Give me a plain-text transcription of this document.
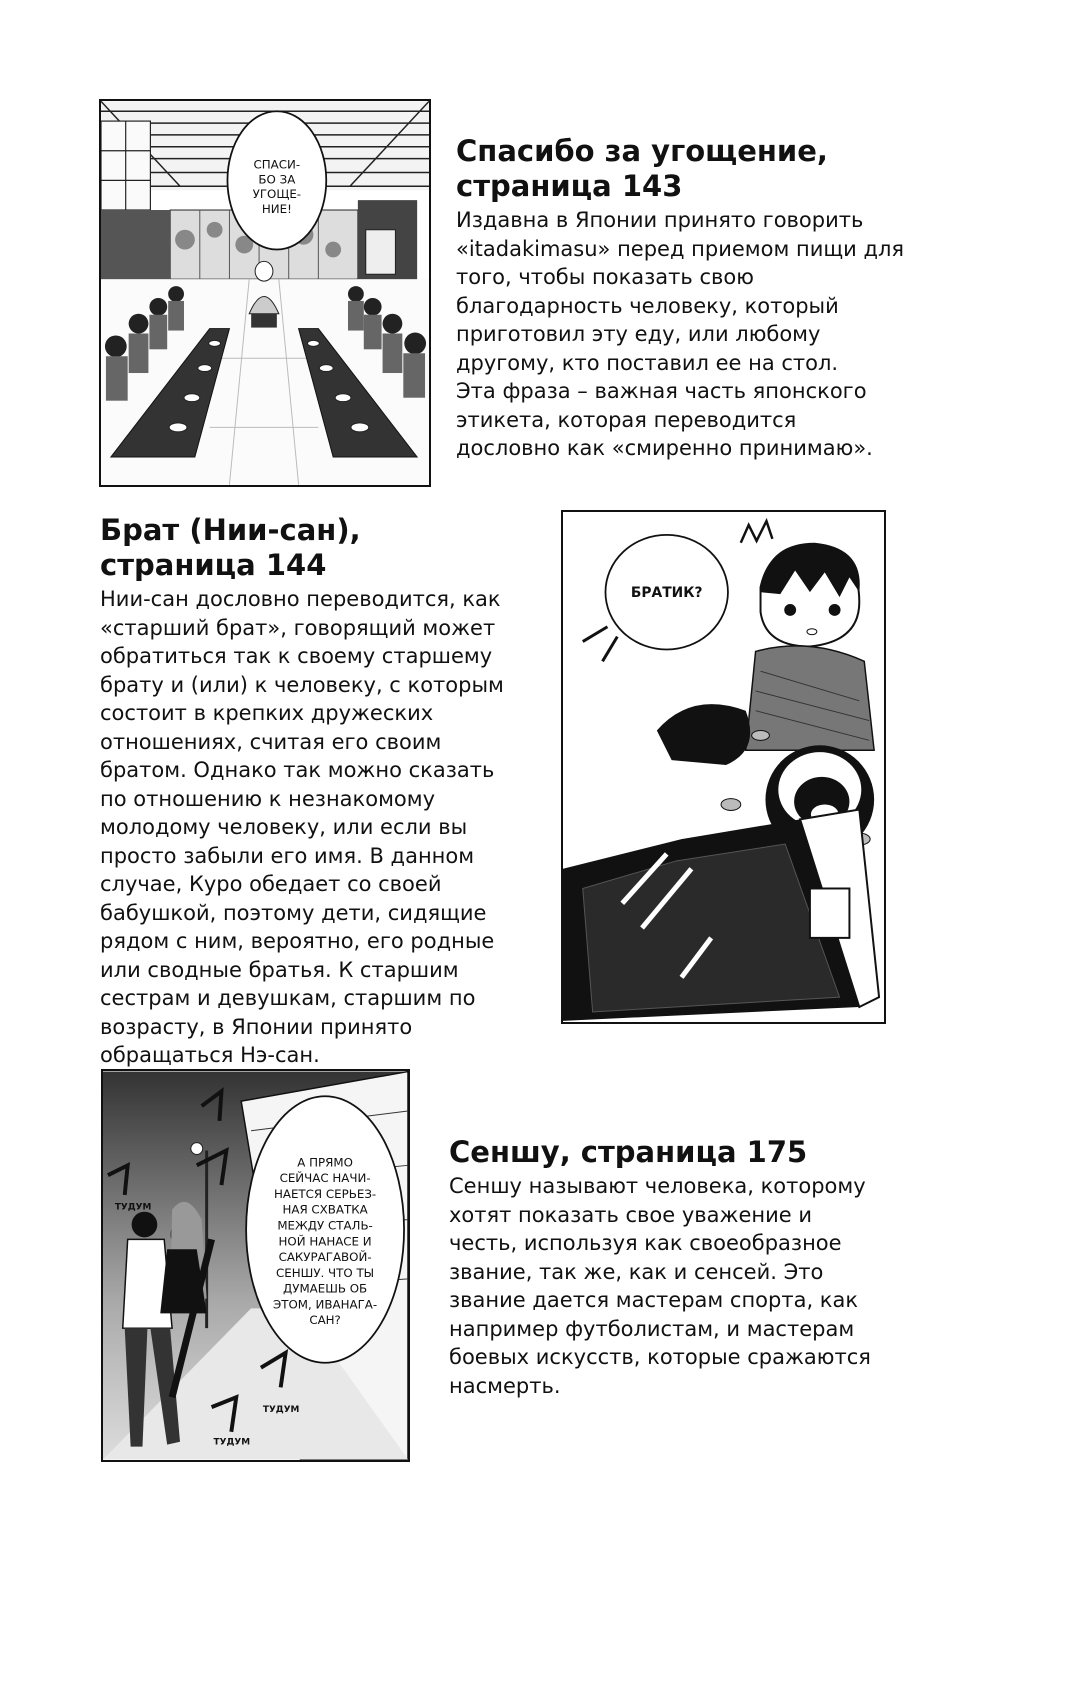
СПАСИ-
БО ЗА
УГОЩЕ-
НИЕ!
Спасибо за угощение,
страница 143

Издавна в Японии принято говорить
«itadakimasu» перед приемом пищи для
того, чтобы показать свою
благодарность человеку, который
приготовил эту еду, или любому
другому, кто поставил ее на стол.
Эта фраза – важная часть японского
этикета, которая переводится
дословно как «смиренно принимаю».

Брат (Нии-сан),
страница 144

Нии-сан дословно переводится, как
«старший брат», говорящий может
обратиться так к своему старшему
брату и (или) к человеку, с которым
состоит в крепких дружеских
отношениях, считая его своим
братом. Однако так можно сказать
по отношению к незнакомому
молодому человеку, или если вы
просто забыли его имя. В данном
случае, Куро обедает со своей
бабушкой, поэтому дети, сидящие
рядом с ним, вероятно, его родные
или сводные братья. К старшим
сестрам и девушкам, старшим по
возрасту, в Японии принято
обращаться Нэ-сан.

БРАТИК?
А ПРЯМО
СЕЙЧАС НАЧИ-
НАЕТСЯ СЕРЬЕЗ-
НАЯ СХВАТКА
МЕЖДУ СТАЛЬ-
НОЙ НАНАСЕ И
САКУРАГАВОЙ-
СЕНШУ. ЧТО ТЫ
ДУМАЕШЬ ОБ
ЭТОМ, ИВАНАГА-
САН?
ТУДУМ
ТУДУМ
ТУДУМ
Сеншу, страница 175

Сеншу называют человека, которому
хотят показать свое уважение и
честь, используя как своеобразное
звание, так же, как и сенсей. Это
звание дается мастерам спорта, как
например футболистам, и мастерам
боевых искусств, которые сражаются
насмерть.
